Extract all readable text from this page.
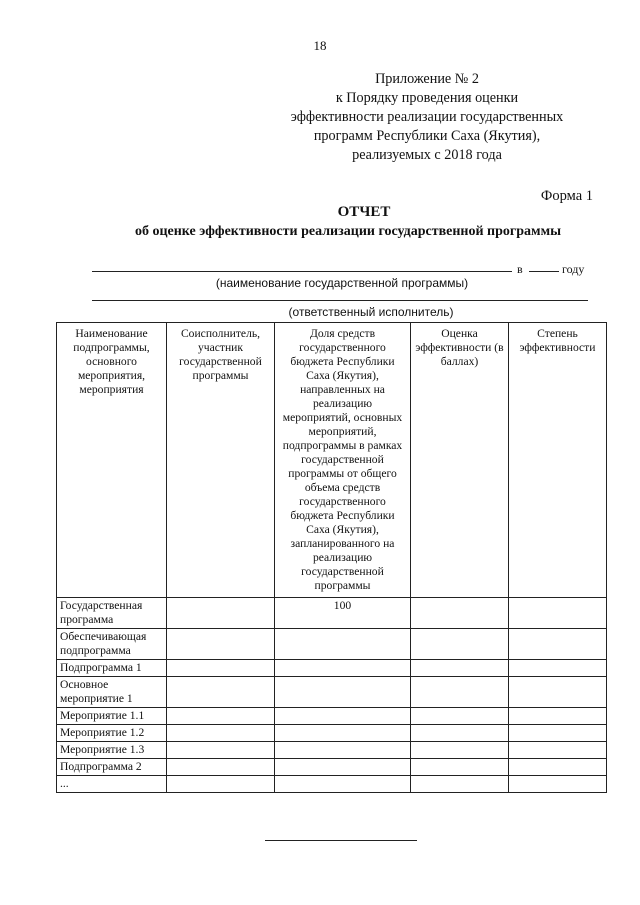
18
Приложение № 2
к Порядку проведения оценки
эффективности реализации государственных
программ Республики Саха (Якутия),
реализуемых с 2018 года
Форма 1
ОТЧЕТ
об оценке эффективности реализации государственной программы
в	году
(наименование государственной программы)
(ответственный исполнитель)
Наименование подпрограммы, основного мероприятия, мероприятия	Соисполнитель, участник государственной программы	Доля средств государственного бюджета Республики Саха (Якутия), направленных на реализацию мероприятий, основных мероприятий, подпрограммы в рамках государственной программы от общего объема средств государственного бюджета Республики Саха (Якутия), запланированного на реализацию государственной программы	Оценка эффективности (в баллах)	Степень эффективности
Государственная программа		100		
Обеспечивающая подпрограмма				
Подпрограмма 1				
Основное мероприятие 1				
Мероприятие 1.1				
Мероприятие 1.2				
Мероприятие 1.3				
Подпрограмма 2				
...				
